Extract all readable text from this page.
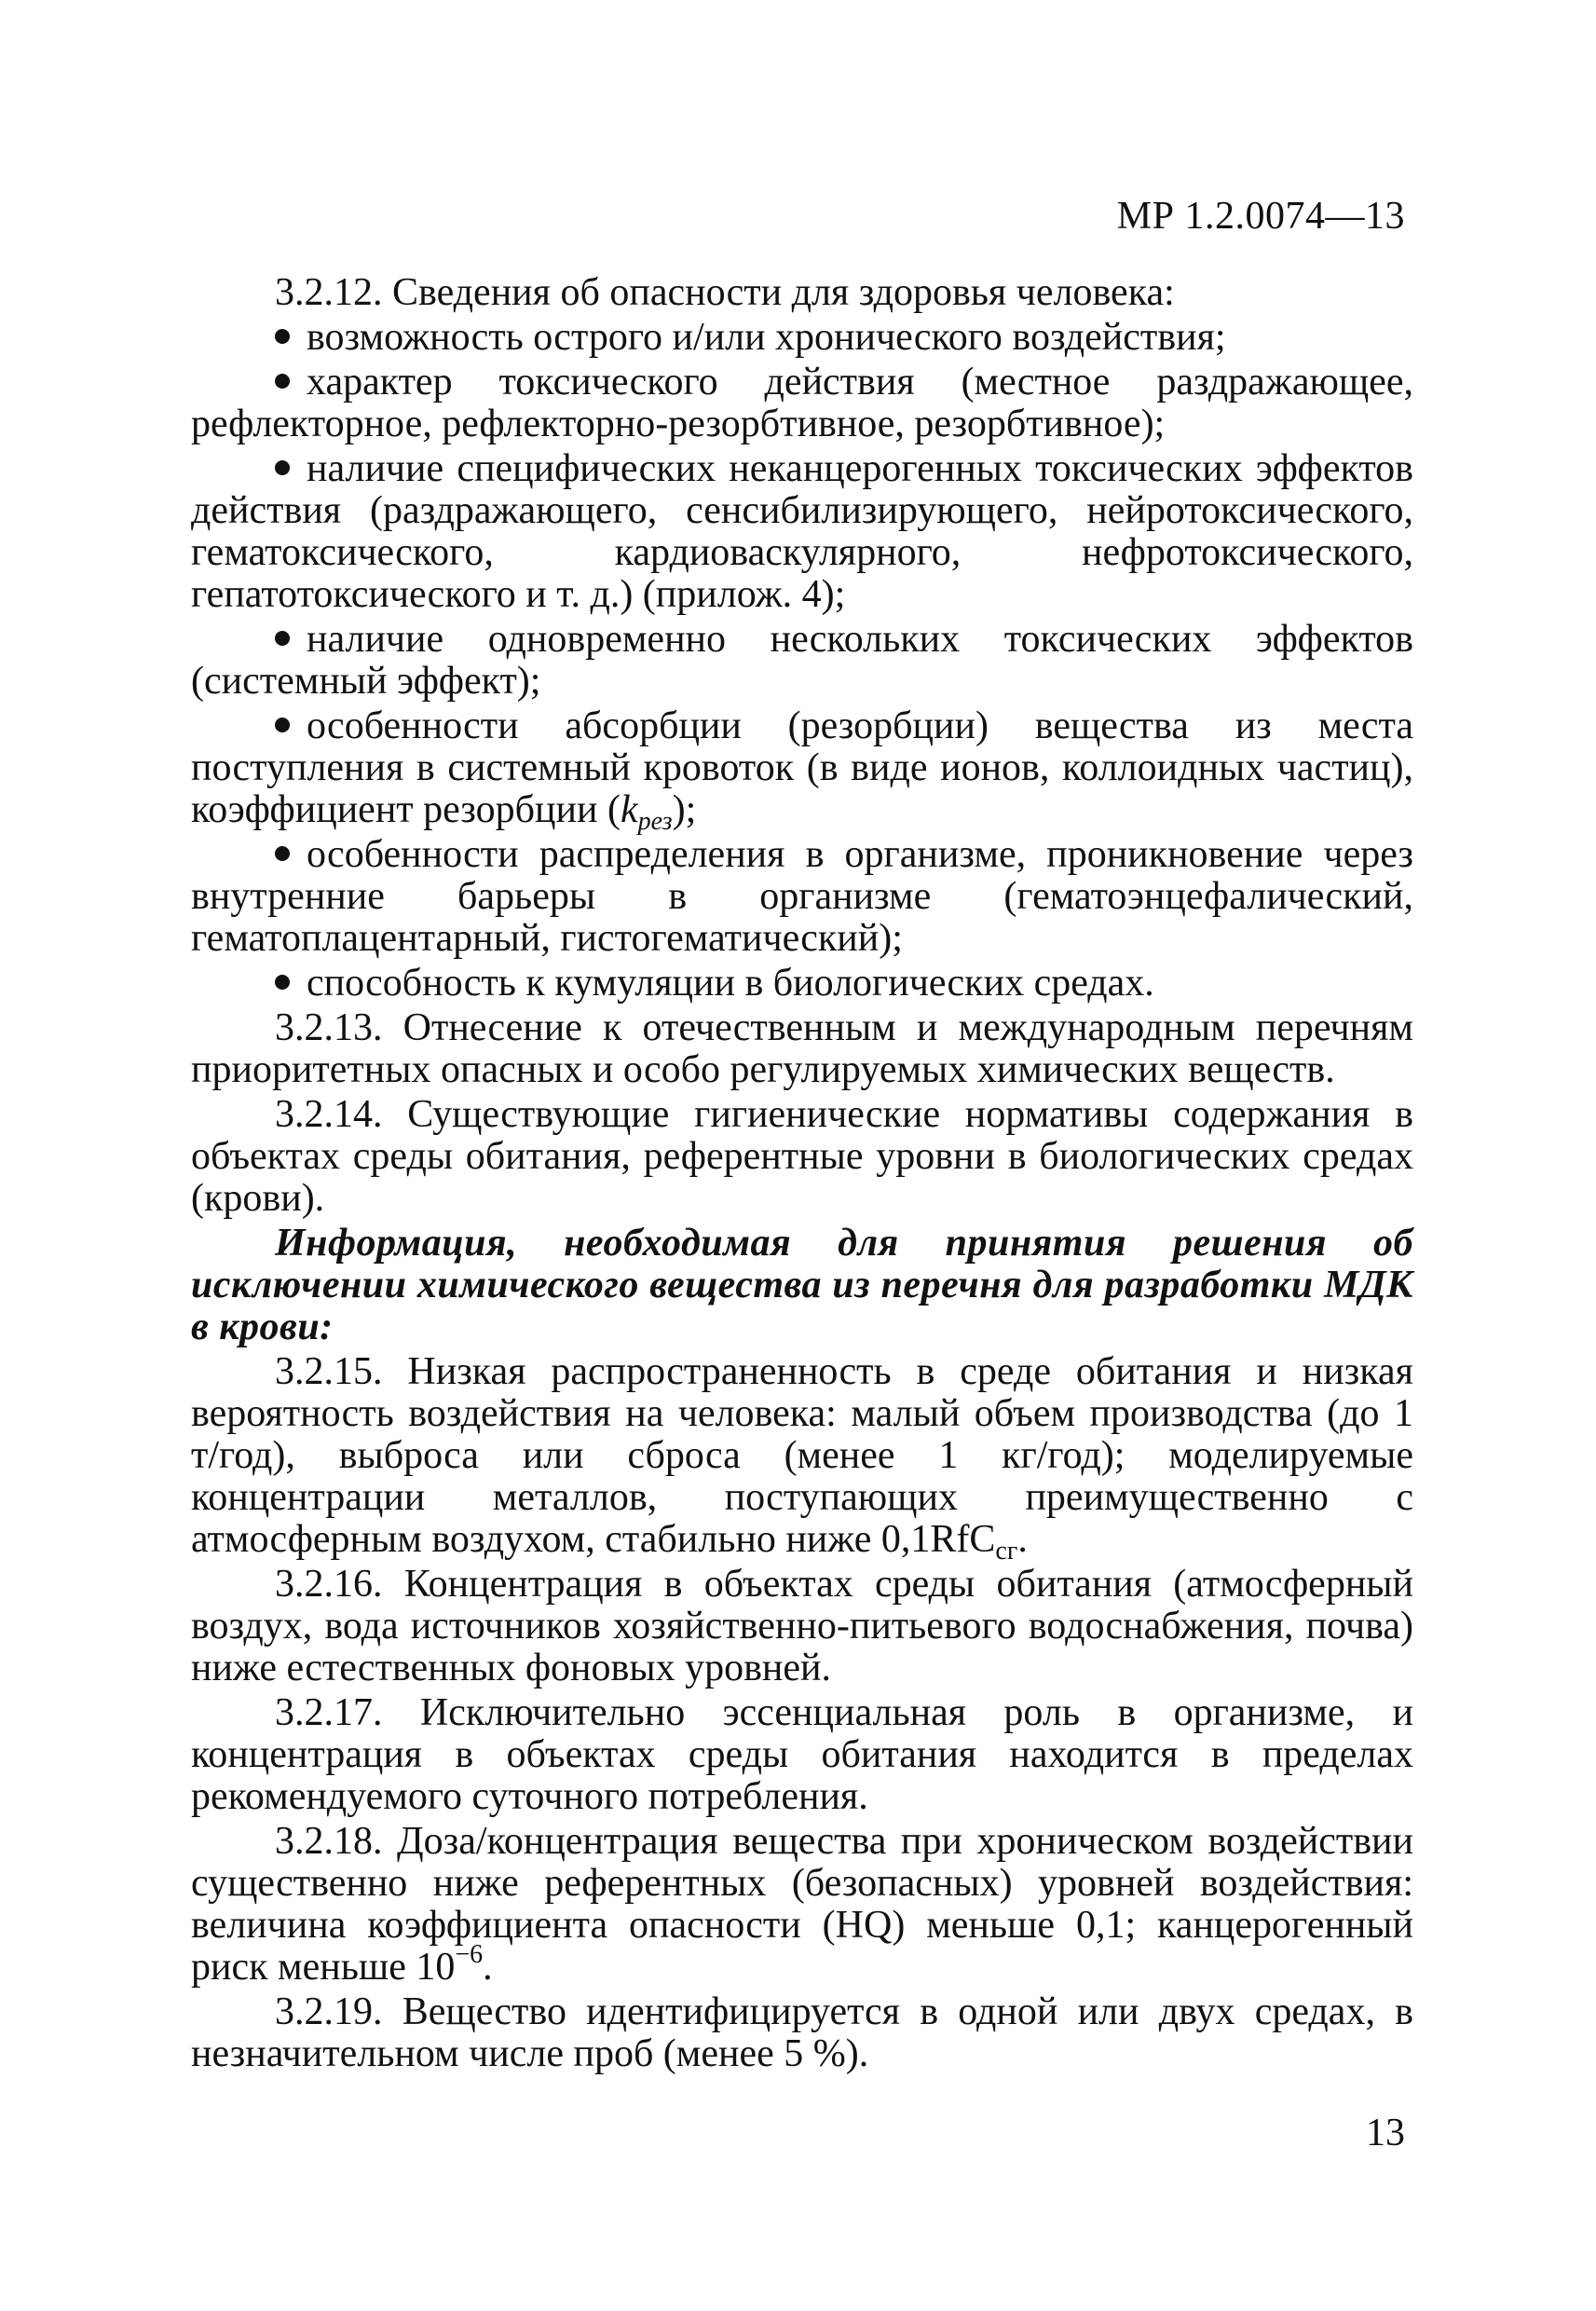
МР 1.2.0074—13

3.2.12. Сведения об опасности для здоровья человека:

возможность острого и/или хронического воздействия;

характер токсического действия (местное раздражающее, рефлекторное, рефлекторно-резорбтивное, резорбтивное);

наличие специфических неканцерогенных токсических эффектов действия (раздражающего, сенсибилизирующего, нейротоксического, гематоксического, кардиоваскулярного, нефротоксического, гепатотоксического и т. д.) (прилож. 4);

наличие одновременно нескольких токсических эффектов (системный эффект);

особенности абсорбции (резорбции) вещества из места поступления в системный кровоток (в виде ионов, коллоидных частиц), коэффициент резорбции $(k_{рез})$;

особенности распределения в организме, проникновение через внутренние барьеры в организме (гематоэнцефалический, гематоплацентарный, гистогематический);

способность к кумуляции в биологических средах.

3.2.13. Отнесение к отечественным и международным перечням приоритетных опасных и особо регулируемых химических веществ.

3.2.14. Существующие гигиенические нормативы содержания в объектах среды обитания, референтные уровни в биологических средах (крови).

Информация, необходимая для принятия решения об исключении химического вещества из перечня для разработки МДК в крови:

3.2.15. Низкая распространенность в среде обитания и низкая вероятность воздействия на человека: малый объем производства (до 1 т/год), выброса или сброса (менее 1 кг/год); моделируемые концентрации металлов, поступающих преимущественно с атмосферным воздухом, стабильно ниже 0,1RfC$_{сг}$.

3.2.16. Концентрация в объектах среды обитания (атмосферный воздух, вода источников хозяйственно-питьевого водоснабжения, почва) ниже естественных фоновых уровней.

3.2.17. Исключительно эссенциальная роль в организме, и концентрация в объектах среды обитания находится в пределах рекомендуемого суточного потребления.

3.2.18. Доза/концентрация вещества при хроническом воздействии существенно ниже референтных (безопасных) уровней воздействия: величина коэффициента опасности (HQ) меньше 0,1; канцерогенный риск меньше $10^{-6}$.

3.2.19. Вещество идентифицируется в одной или двух средах, в незначительном числе проб (менее 5 %).

13
